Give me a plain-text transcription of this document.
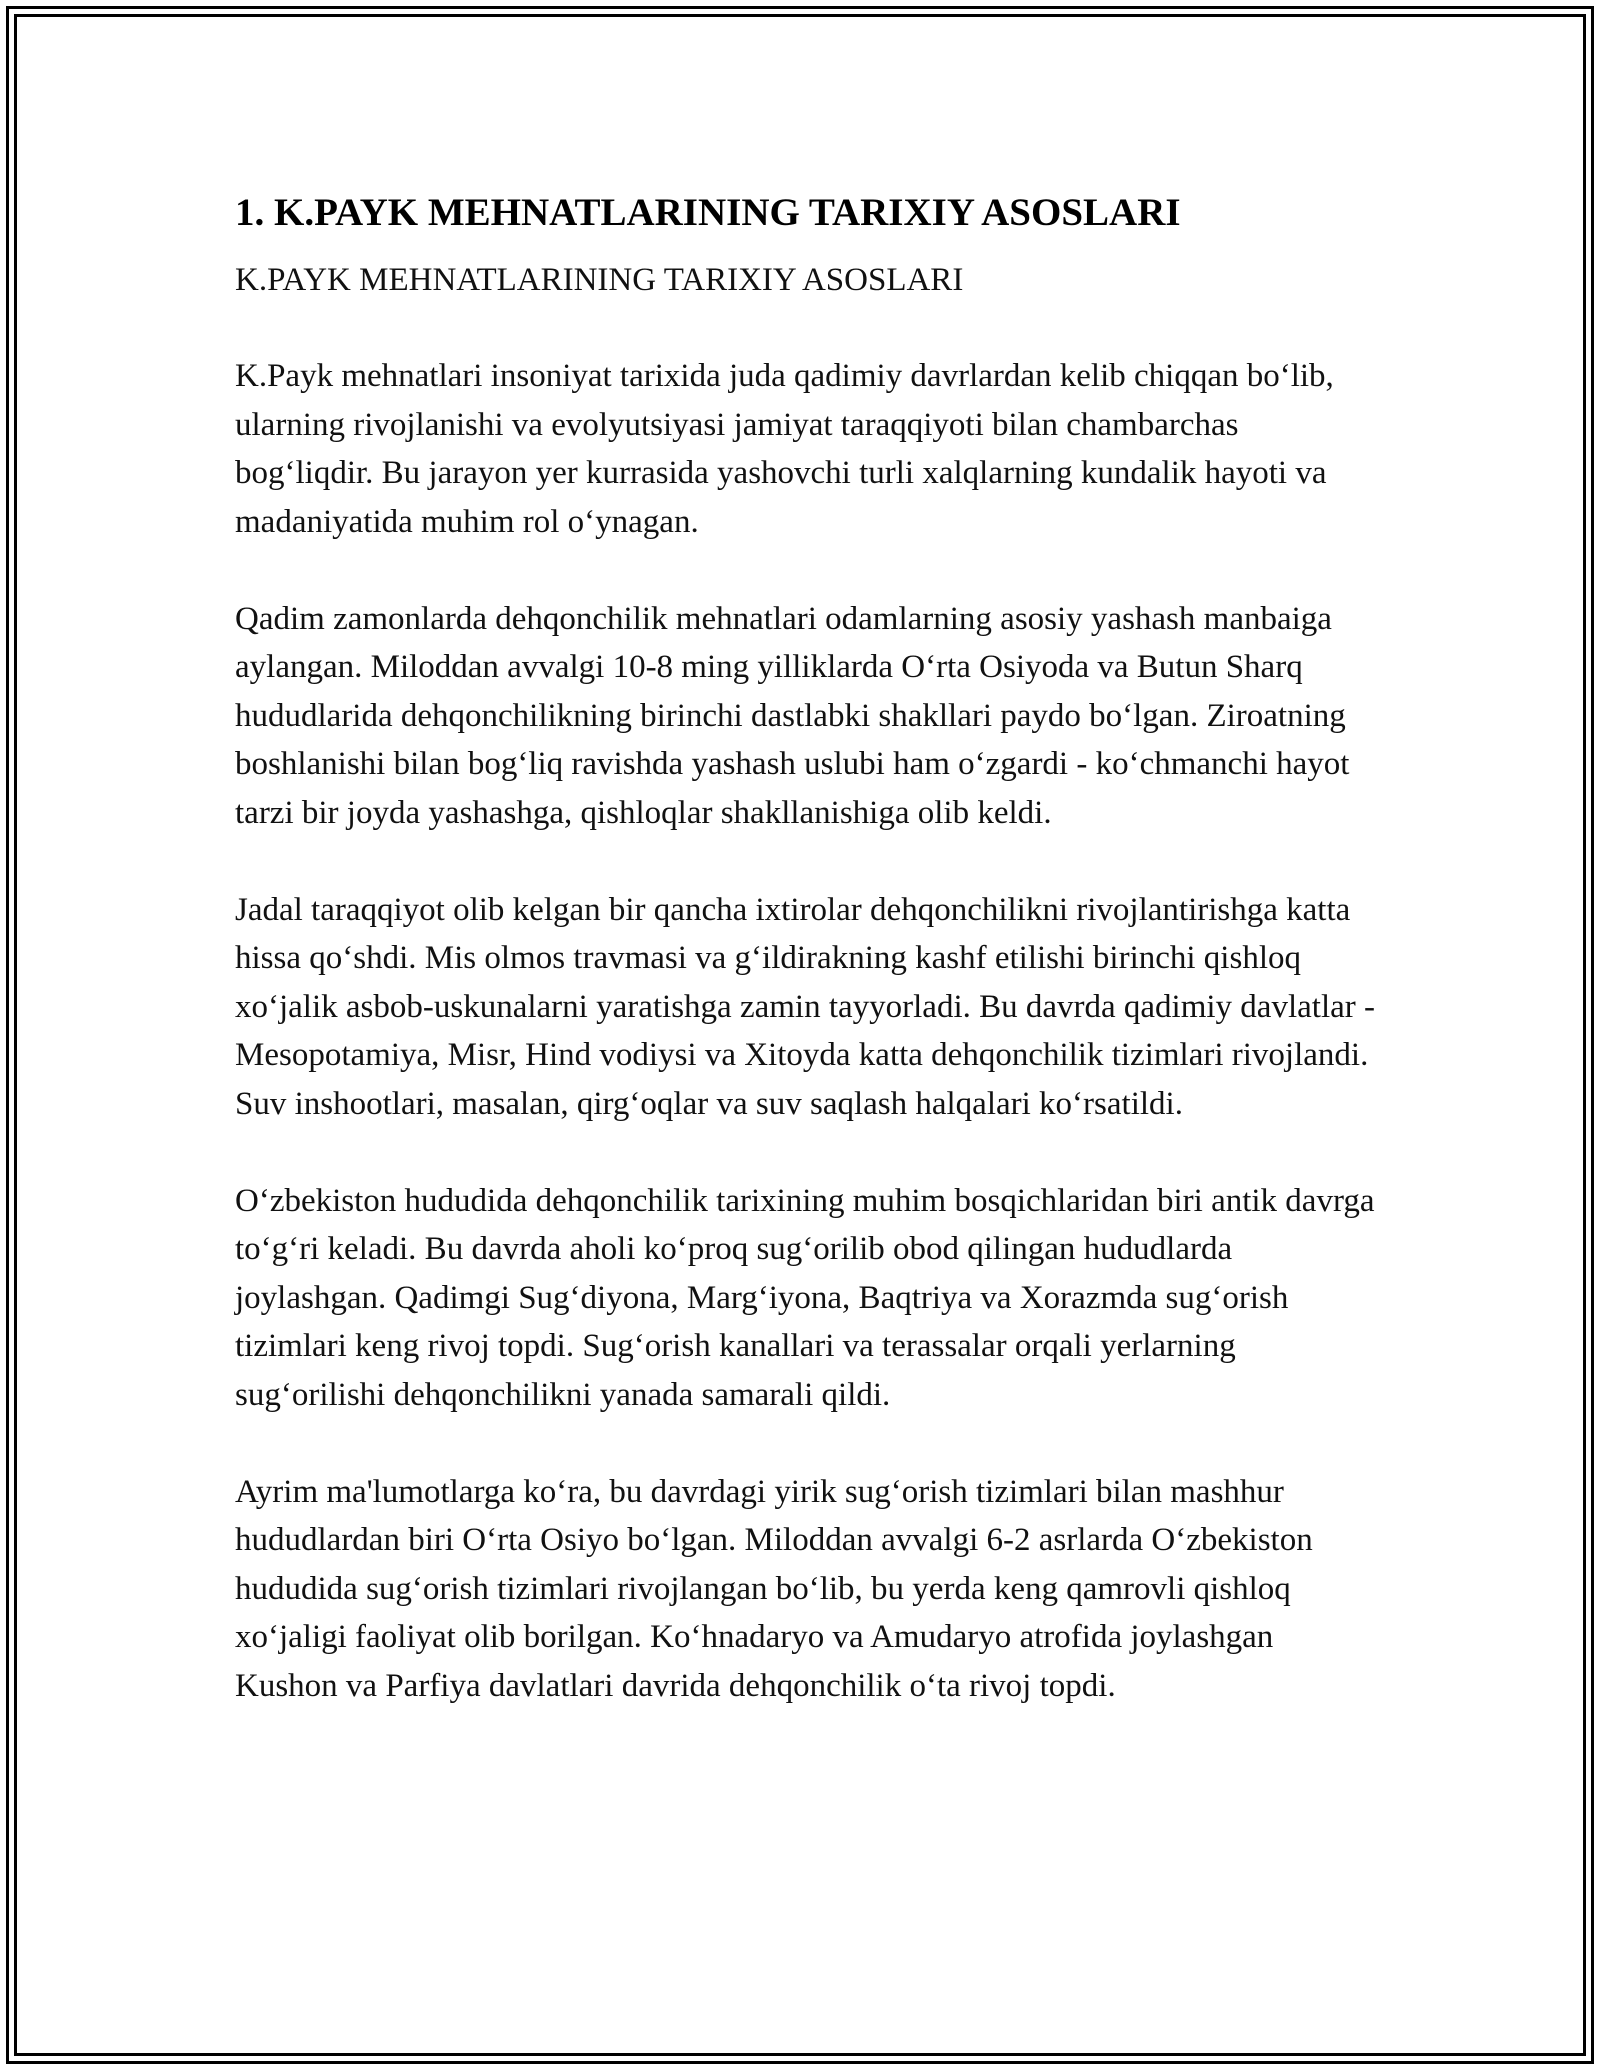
1. K.PAYK MEHNATLARINING TARIXIY ASOSLARI

K.PAYK MEHNATLARINING TARIXIY ASOSLARI

K.Payk mehnatlari insoniyat tarixida juda qadimiy davrlardan kelib chiqqan bo‘lib, ularning rivojlanishi va evolyutsiyasi jamiyat taraqqiyoti bilan chambarchas bog‘liqdir. Bu jarayon yer kurrasida yashovchi turli xalqlarning kundalik hayoti va madaniyatida muhim rol o‘ynagan.

Qadim zamonlarda dehqonchilik mehnatlari odamlarning asosiy yashash manbaiga aylangan. Miloddan avvalgi 10-8 ming yilliklarda O‘rta Osiyoda va Butun Sharq hududlarida dehqonchilikning birinchi dastlabki shakllari paydo bo‘lgan. Ziroatning boshlanishi bilan bog‘liq ravishda yashash uslubi ham o‘zgardi - ko‘chmanchi hayot tarzi bir joyda yashashga, qishloqlar shakllanishiga olib keldi.

Jadal taraqqiyot olib kelgan bir qancha ixtirolar dehqonchilikni rivojlantirishga katta hissa qo‘shdi. Mis olmos travmasi va g‘ildirakning kashf etilishi birinchi qishloq xo‘jalik asbob-uskunalarni yaratishga zamin tayyorladi. Bu davrda qadimiy davlatlar - Mesopotamiya, Misr, Hind vodiysi va Xitoyda katta dehqonchilik tizimlari rivojlandi. Suv inshootlari, masalan, qirg‘oqlar va suv saqlash halqalari ko‘rsatildi.

O‘zbekiston hududida dehqonchilik tarixining muhim bosqichlaridan biri antik davrga to‘g‘ri keladi. Bu davrda aholi ko‘proq sug‘orilib obod qilingan hududlarda joylashgan. Qadimgi Sug‘diyona, Marg‘iyona, Baqtriya va Xorazmda sug‘orish tizimlari keng rivoj topdi. Sug‘orish kanallari va terassalar orqali yerlarning sug‘orilishi dehqonchilikni yanada samarali qildi.

Ayrim ma'lumotlarga ko‘ra, bu davrdagi yirik sug‘orish tizimlari bilan mashhur hududlardan biri O‘rta Osiyo bo‘lgan. Miloddan avvalgi 6-2 asrlarda O‘zbekiston hududida sug‘orish tizimlari rivojlangan bo‘lib, bu yerda keng qamrovli qishloq xo‘jaligi faoliyat olib borilgan. Ko‘hnadaryo va Amudaryo atrofida joylashgan Kushon va Parfiya davlatlari davrida dehqonchilik o‘ta rivoj topdi.
